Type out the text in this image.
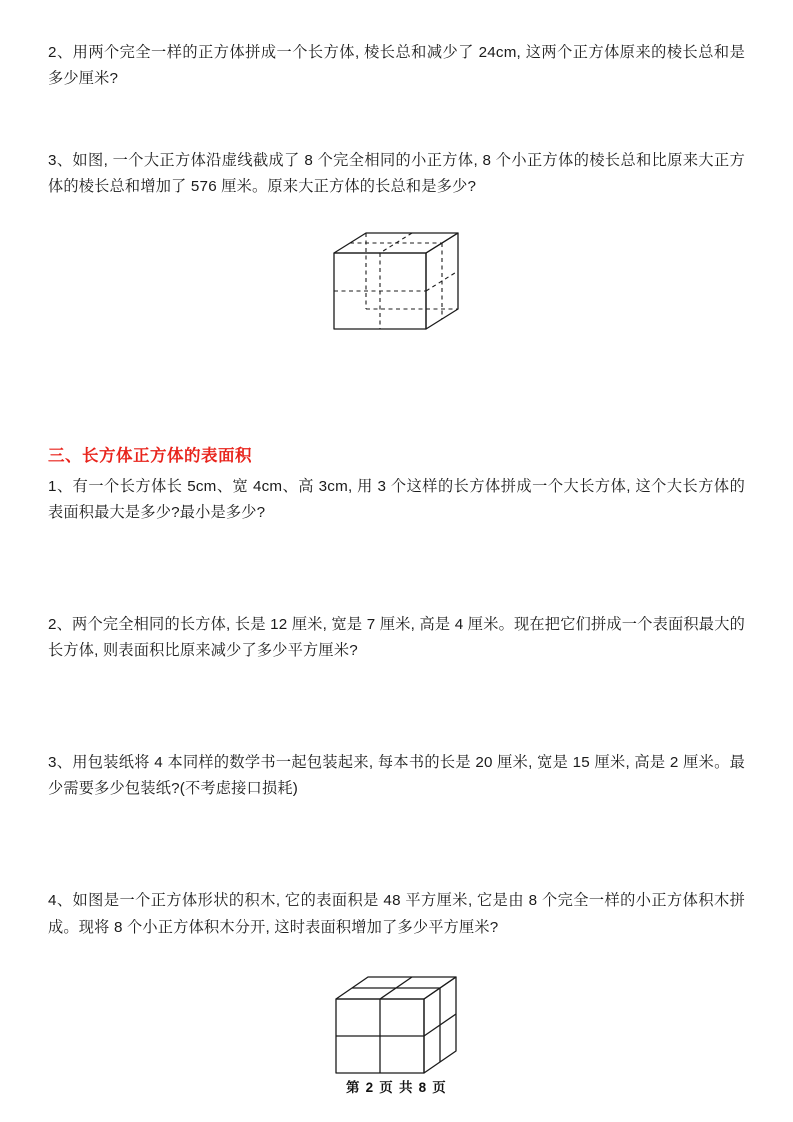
2、用两个完全一样的正方体拼成一个长方体, 棱长总和减少了 24cm, 这两个正方体原来的棱长总和是多少厘米?

3、如图, 一个大正方体沿虚线截成了 8 个完全相同的小正方体, 8 个小正方体的棱长总和比原来大正方体的棱长总和增加了 576 厘米。原来大正方体的长总和是多少?

三、长方体正方体的表面积

1、有一个长方体长 5cm、宽 4cm、高 3cm, 用 3 个这样的长方体拼成一个大长方体, 这个大长方体的表面积最大是多少?最小是多少?

2、两个完全相同的长方体, 长是 12 厘米, 宽是 7 厘米, 高是 4 厘米。现在把它们拼成一个表面积最大的长方体, 则表面积比原来减少了多少平方厘米?

3、用包装纸将 4 本同样的数学书一起包装起来, 每本书的长是 20 厘米, 宽是 15 厘米, 高是 2 厘米。最少需要多少包装纸?(不考虑接口损耗)

4、如图是一个正方体形状的积木, 它的表面积是 48 平方厘米, 它是由 8 个完全一样的小正方体积木拼成。现将 8 个小正方体积木分开, 这时表面积增加了多少平方厘米?

第 2 页 共 8 页
